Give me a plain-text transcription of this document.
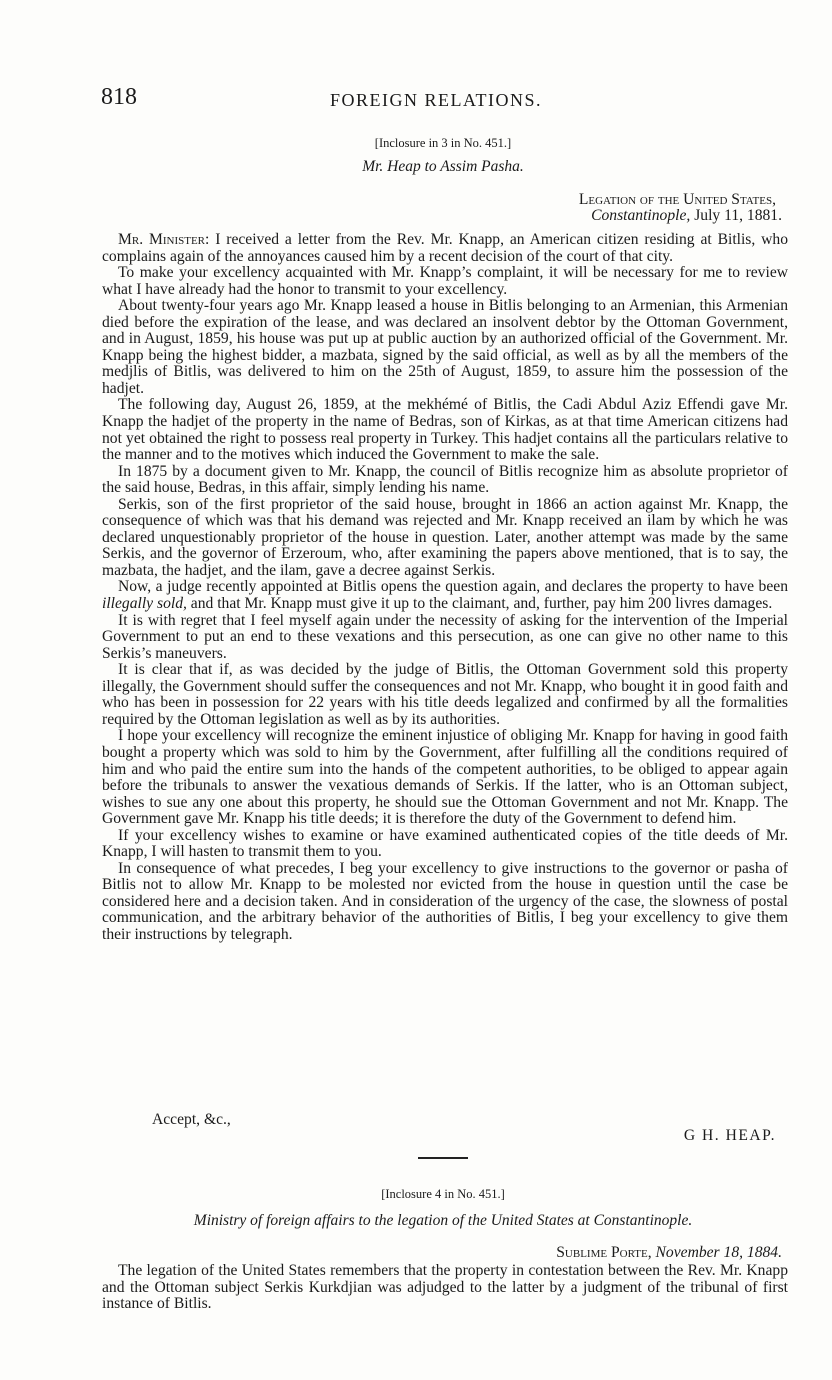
818	FOREIGN RELATIONS.
[Inclosure in 3 in No. 451.]
Mr. Heap to Assim Pasha.
Legation of the United States,
Constantinople, July 11, 1881.

Mr. Minister: I received a letter from the Rev. Mr. Knapp, an American citizen residing at Bitlis, who complains again of the annoyances caused him by a recent decision of the court of that city.

To make your excellency acquainted with Mr. Knapp’s complaint, it will be necessary for me to review what I have already had the honor to transmit to your excellency.

About twenty-four years ago Mr. Knapp leased a house in Bitlis belonging to an Armenian, this Armenian died before the expiration of the lease, and was declared an insolvent debtor by the Ottoman Government, and in August, 1859, his house was put up at public auction by an authorized official of the Government. Mr. Knapp being the highest bidder, a mazbata, signed by the said official, as well as by all the members of the medjlis of Bitlis, was delivered to him on the 25th of August, 1859, to assure him the possession of the hadjet.

The following day, August 26, 1859, at the mekhémé of Bitlis, the Cadi Abdul Aziz Effendi gave Mr. Knapp the hadjet of the property in the name of Bedras, son of Kirkas, as at that time American citizens had not yet obtained the right to possess real property in Turkey. This hadjet contains all the particulars relative to the manner and to the motives which induced the Government to make the sale.

In 1875 by a document given to Mr. Knapp, the council of Bitlis recognize him as absolute proprietor of the said house, Bedras, in this affair, simply lending his name.

Serkis, son of the first proprietor of the said house, brought in 1866 an action against Mr. Knapp, the consequence of which was that his demand was rejected and Mr. Knapp received an ilam by which he was declared unquestionably proprietor of the house in question. Later, another attempt was made by the same Serkis, and the governor of Erzeroum, who, after examining the papers above mentioned, that is to say, the mazbata, the hadjet, and the ilam, gave a decree against Serkis.

Now, a judge recently appointed at Bitlis opens the question again, and declares the property to have been illegally sold, and that Mr. Knapp must give it up to the claimant, and, further, pay him 200 livres damages.

It is with regret that I feel myself again under the necessity of asking for the intervention of the Imperial Government to put an end to these vexations and this persecution, as one can give no other name to this Serkis’s maneuvers.

It is clear that if, as was decided by the judge of Bitlis, the Ottoman Government sold this property illegally, the Government should suffer the consequences and not Mr. Knapp, who bought it in good faith and who has been in possession for 22 years with his title deeds legalized and confirmed by all the formalities required by the Ottoman legislation as well as by its authorities.

I hope your excellency will recognize the eminent injustice of obliging Mr. Knapp for having in good faith bought a property which was sold to him by the Government, after fulfilling all the conditions required of him and who paid the entire sum into the hands of the competent authorities, to be obliged to appear again before the tribunals to answer the vexatious demands of Serkis. If the latter, who is an Ottoman subject, wishes to sue any one about this property, he should sue the Ottoman Government and not Mr. Knapp. The Government gave Mr. Knapp his title deeds; it is therefore the duty of the Government to defend him.

If your excellency wishes to examine or have examined authenticated copies of the title deeds of Mr. Knapp, I will hasten to transmit them to you.

In consequence of what precedes, I beg your excellency to give instructions to the governor or pasha of Bitlis not to allow Mr. Knapp to be molested nor evicted from the house in question until the case be considered here and a decision taken. And in consideration of the urgency of the case, the slowness of postal communication, and the arbitrary behavior of the authorities of Bitlis, I beg your excellency to give them their instructions by telegraph.

Accept, &c.,
G H. HEAP.
[Inclosure 4 in No. 451.]
Ministry of foreign affairs to the legation of the United States at Constantinople.
Sublime Porte, November 18, 1884.

The legation of the United States remembers that the property in contestation between the Rev. Mr. Knapp and the Ottoman subject Serkis Kurkdjian was adjudged to the latter by a judgment of the tribunal of first instance of Bitlis.
